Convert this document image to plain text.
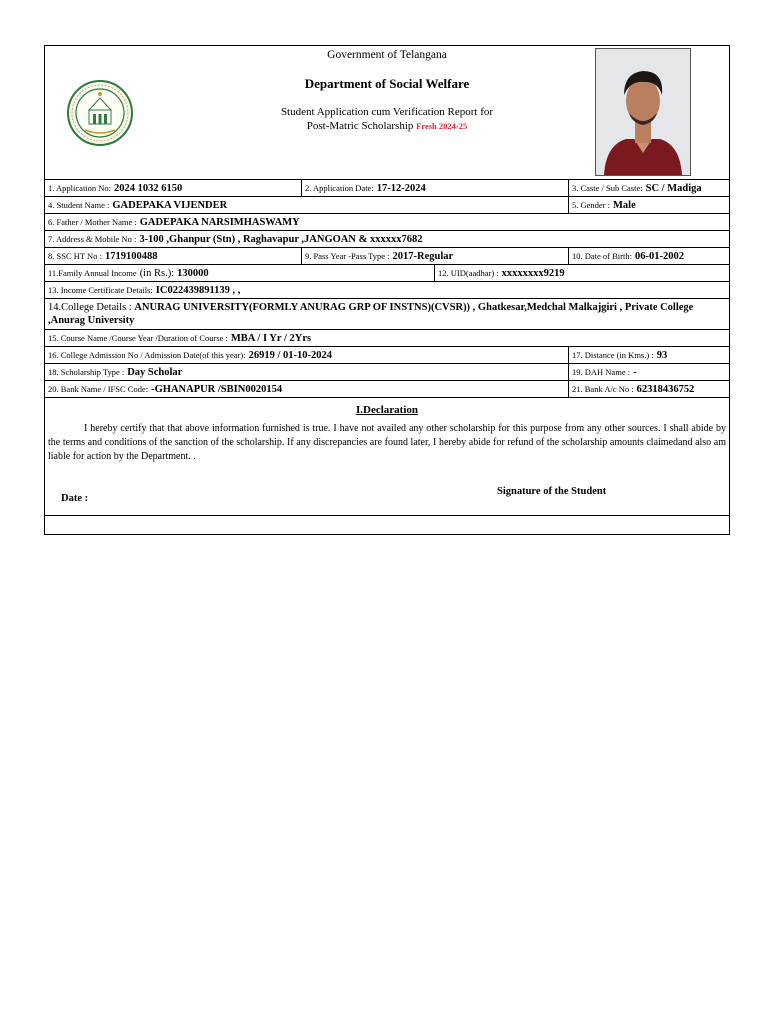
Government of Telangana
Department of Social Welfare
Student Application cum Verification Report for
Post-Matric Scholarship Fresh 2024-25
1. Application No: 2024 1032 6150	2. Application Date: 17-12-2024	3. Caste / Sub Caste: SC / Madiga
4. Student Name : GADEPAKA VIJENDER	5. Gender : Male
6. Father / Mother Name : GADEPAKA NARSIMHASWAMY
7. Address & Mobile No : 3-100 ,Ghanpur (Stn) , Raghavapur ,JANGOAN & xxxxxx7682
8. SSC HT No : 1719100488	9. Pass Year -Pass Type : 2017-Regular	10. Date of Birth: 06-01-2002
11.Family Annual Income (in Rs.): 130000	12. UID(aadhar) : xxxxxxxx9219
13. Income Certificate Details: IC022439891139 , ,
14.College Details : ANURAG UNIVERSITY(FORMLY ANURAG GRP OF INSTNS)(CVSR)) , Ghatkesar,Medchal Malkajgiri , Private College ,Anurag University
15. Course Name /Course Year /Duration of Course : MBA / I Yr / 2Yrs
16. College Admission No / Admission Date(of this year): 26919 / 01-10-2024	17. Distance (in Kms.) : 93
18. Scholarship Type : Day Scholar	19. DAH Name : -
20. Bank Name / IFSC Code: -GHANAPUR /SBIN0020154	21. Bank A/c No : 62318436752
I.Declaration
I hereby certify that that above information furnished is true. I have not availed any other scholarship for this purpose from any other sources. I shall abide by the terms and conditions of the sanction of the scholarship. If any discrepancies are found later, I hereby abide for refund of the scholarship amounts claimedand also am liable for action by the Department. .
Date :
Signature of the Student
